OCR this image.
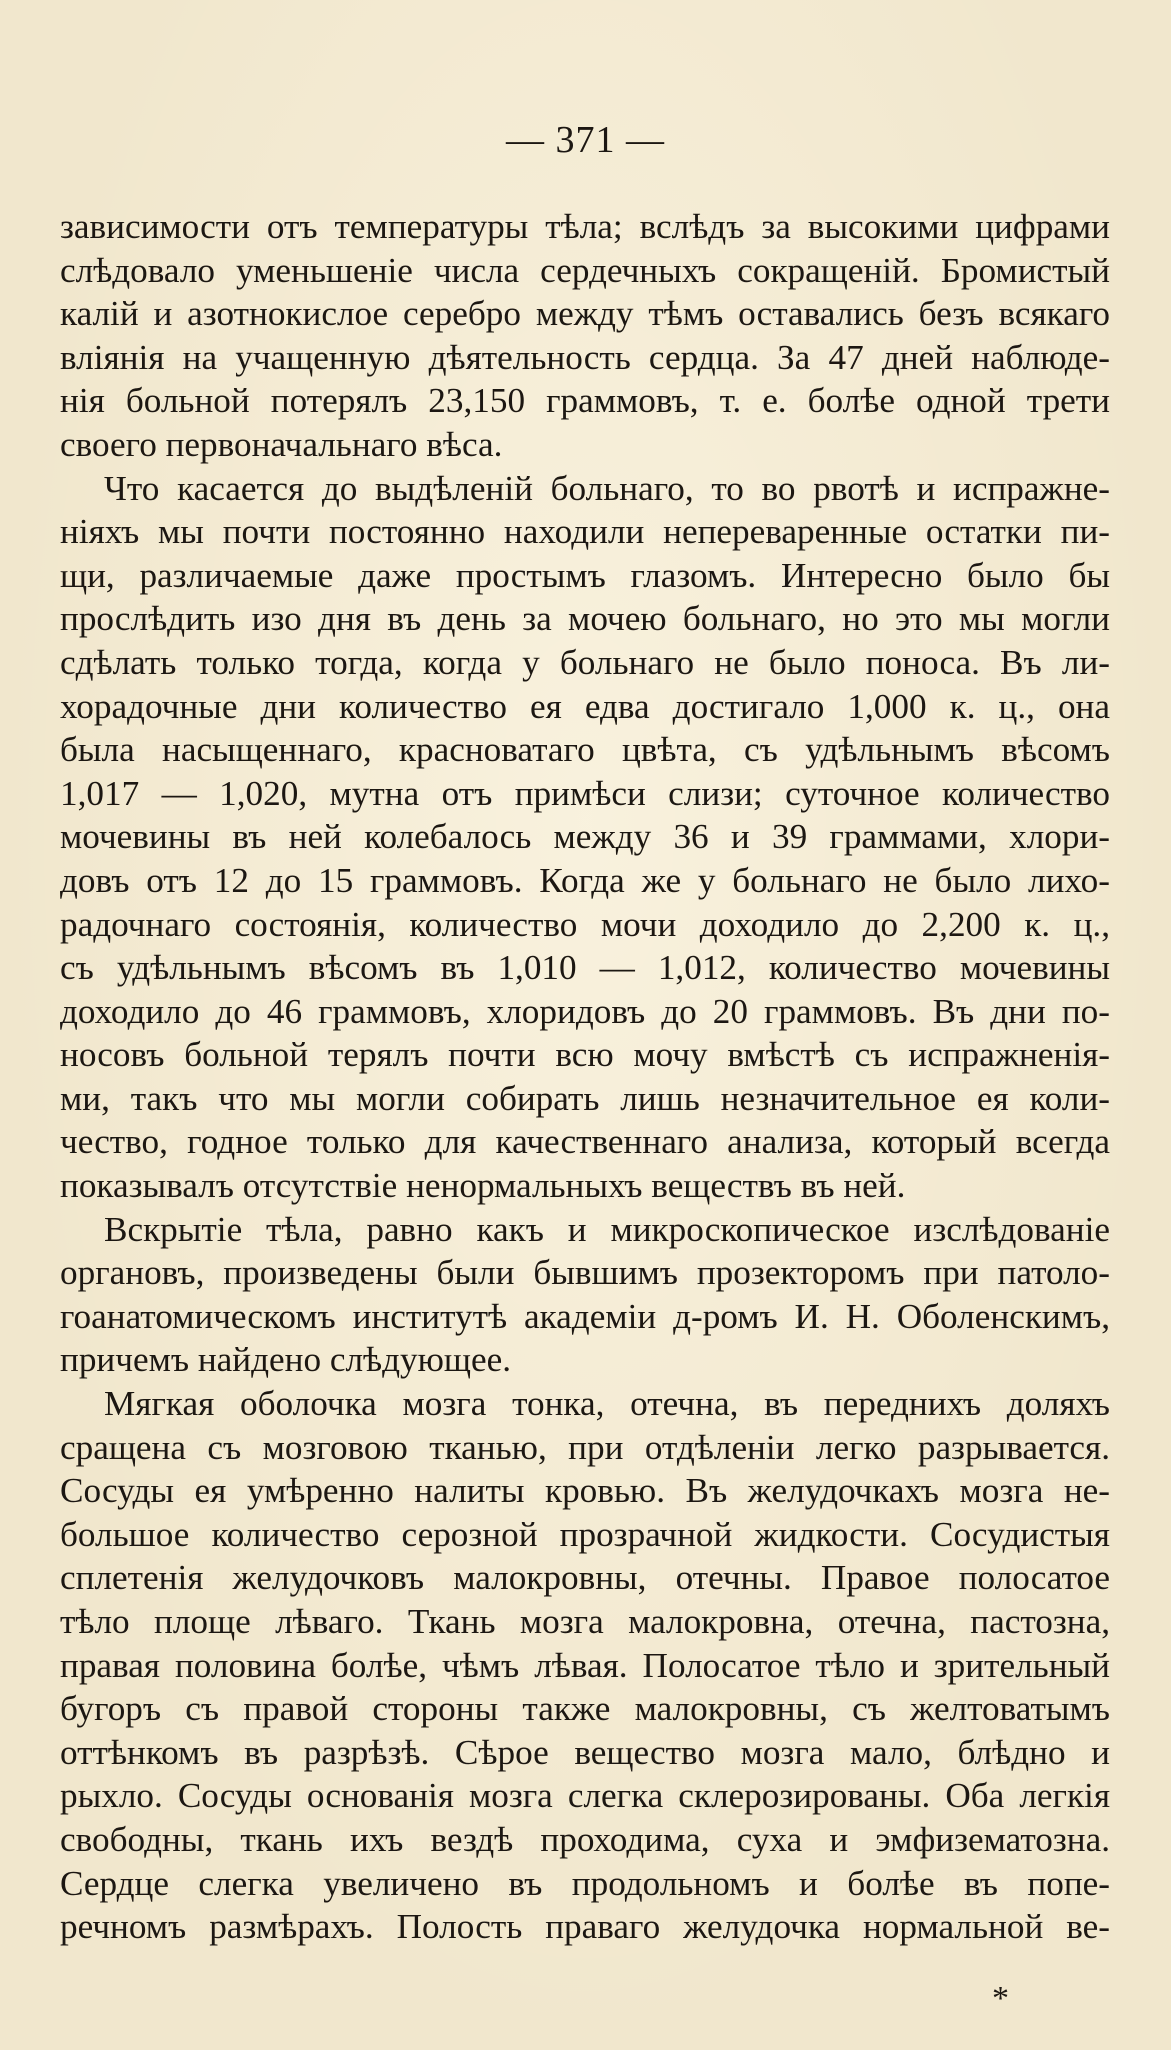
— 371 —
зависимости отъ температуры тѣла; вслѣдъ за высокими цифрами
слѣдовало уменьшеніе числа сердечныхъ сокращеній. Бромистый
калій и азотнокислое серебро между тѣмъ оставались безъ всякаго
вліянія на учащенную дѣятельность сердца. За 47 дней наблюде-
нія больной потерялъ 23,150 граммовъ, т. е. болѣе одной трети
своего первоначальнаго вѣса.
Что касается до выдѣленій больнаго, то во рвотѣ и испражне-
ніяхъ мы почти постоянно находили непереваренные остатки пи-
щи, различаемые даже простымъ глазомъ. Интересно было бы
прослѣдить изо дня въ день за мочею больнаго, но это мы могли
сдѣлать только тогда, когда у больнаго не было поноса. Въ ли-
хорадочные дни количество ея едва достигало 1,000 к. ц., она
была насыщеннаго, красноватаго цвѣта, съ удѣльнымъ вѣсомъ
1,017 — 1,020, мутна отъ примѣси слизи; суточное количество
мочевины въ ней колебалось между 36 и 39 граммами, хлори-
довъ отъ 12 до 15 граммовъ. Когда же у больнаго не было лихо-
радочнаго состоянія, количество мочи доходило до 2,200 к. ц.,
съ удѣльнымъ вѣсомъ въ 1,010 — 1,012, количество мочевины
доходило до 46 граммовъ, хлоридовъ до 20 граммовъ. Въ дни по-
носовъ больной терялъ почти всю мочу вмѣстѣ съ испражненія-
ми, такъ что мы могли собирать лишь незначительное ея коли-
чество, годное только для качественнаго анализа, который всегда
показывалъ отсутствіе ненормальныхъ веществъ въ ней.
Вскрытіе тѣла, равно какъ и микроскопическое изслѣдованіе
органовъ, произведены были бывшимъ прозекторомъ при патоло-
гоанатомическомъ институтѣ академіи д-ромъ И. Н. Оболенскимъ,
причемъ найдено слѣдующее.
Мягкая оболочка мозга тонка, отечна, въ переднихъ доляхъ
сращена съ мозговою тканью, при отдѣленіи легко разрывается.
Сосуды ея умѣренно налиты кровью. Въ желудочкахъ мозга не-
большое количество серозной прозрачной жидкости. Сосудистыя
сплетенія желудочковъ малокровны, отечны. Правое полосатое
тѣло площе лѣваго. Ткань мозга малокровна, отечна, пастозна,
правая половина болѣе, чѣмъ лѣвая. Полосатое тѣло и зрительный
бугоръ съ правой стороны также малокровны, съ желтоватымъ
оттѣнкомъ въ разрѣзѣ. Сѣрое вещество мозга мало, блѣдно и
рыхло. Сосуды основанія мозга слегка склерозированы. Оба легкія
свободны, ткань ихъ вездѣ проходима, суха и эмфизематозна.
Сердце слегка увеличено въ продольномъ и болѣе въ попе-
речномъ размѣрахъ. Полость праваго желудочка нормальной ве-
*
